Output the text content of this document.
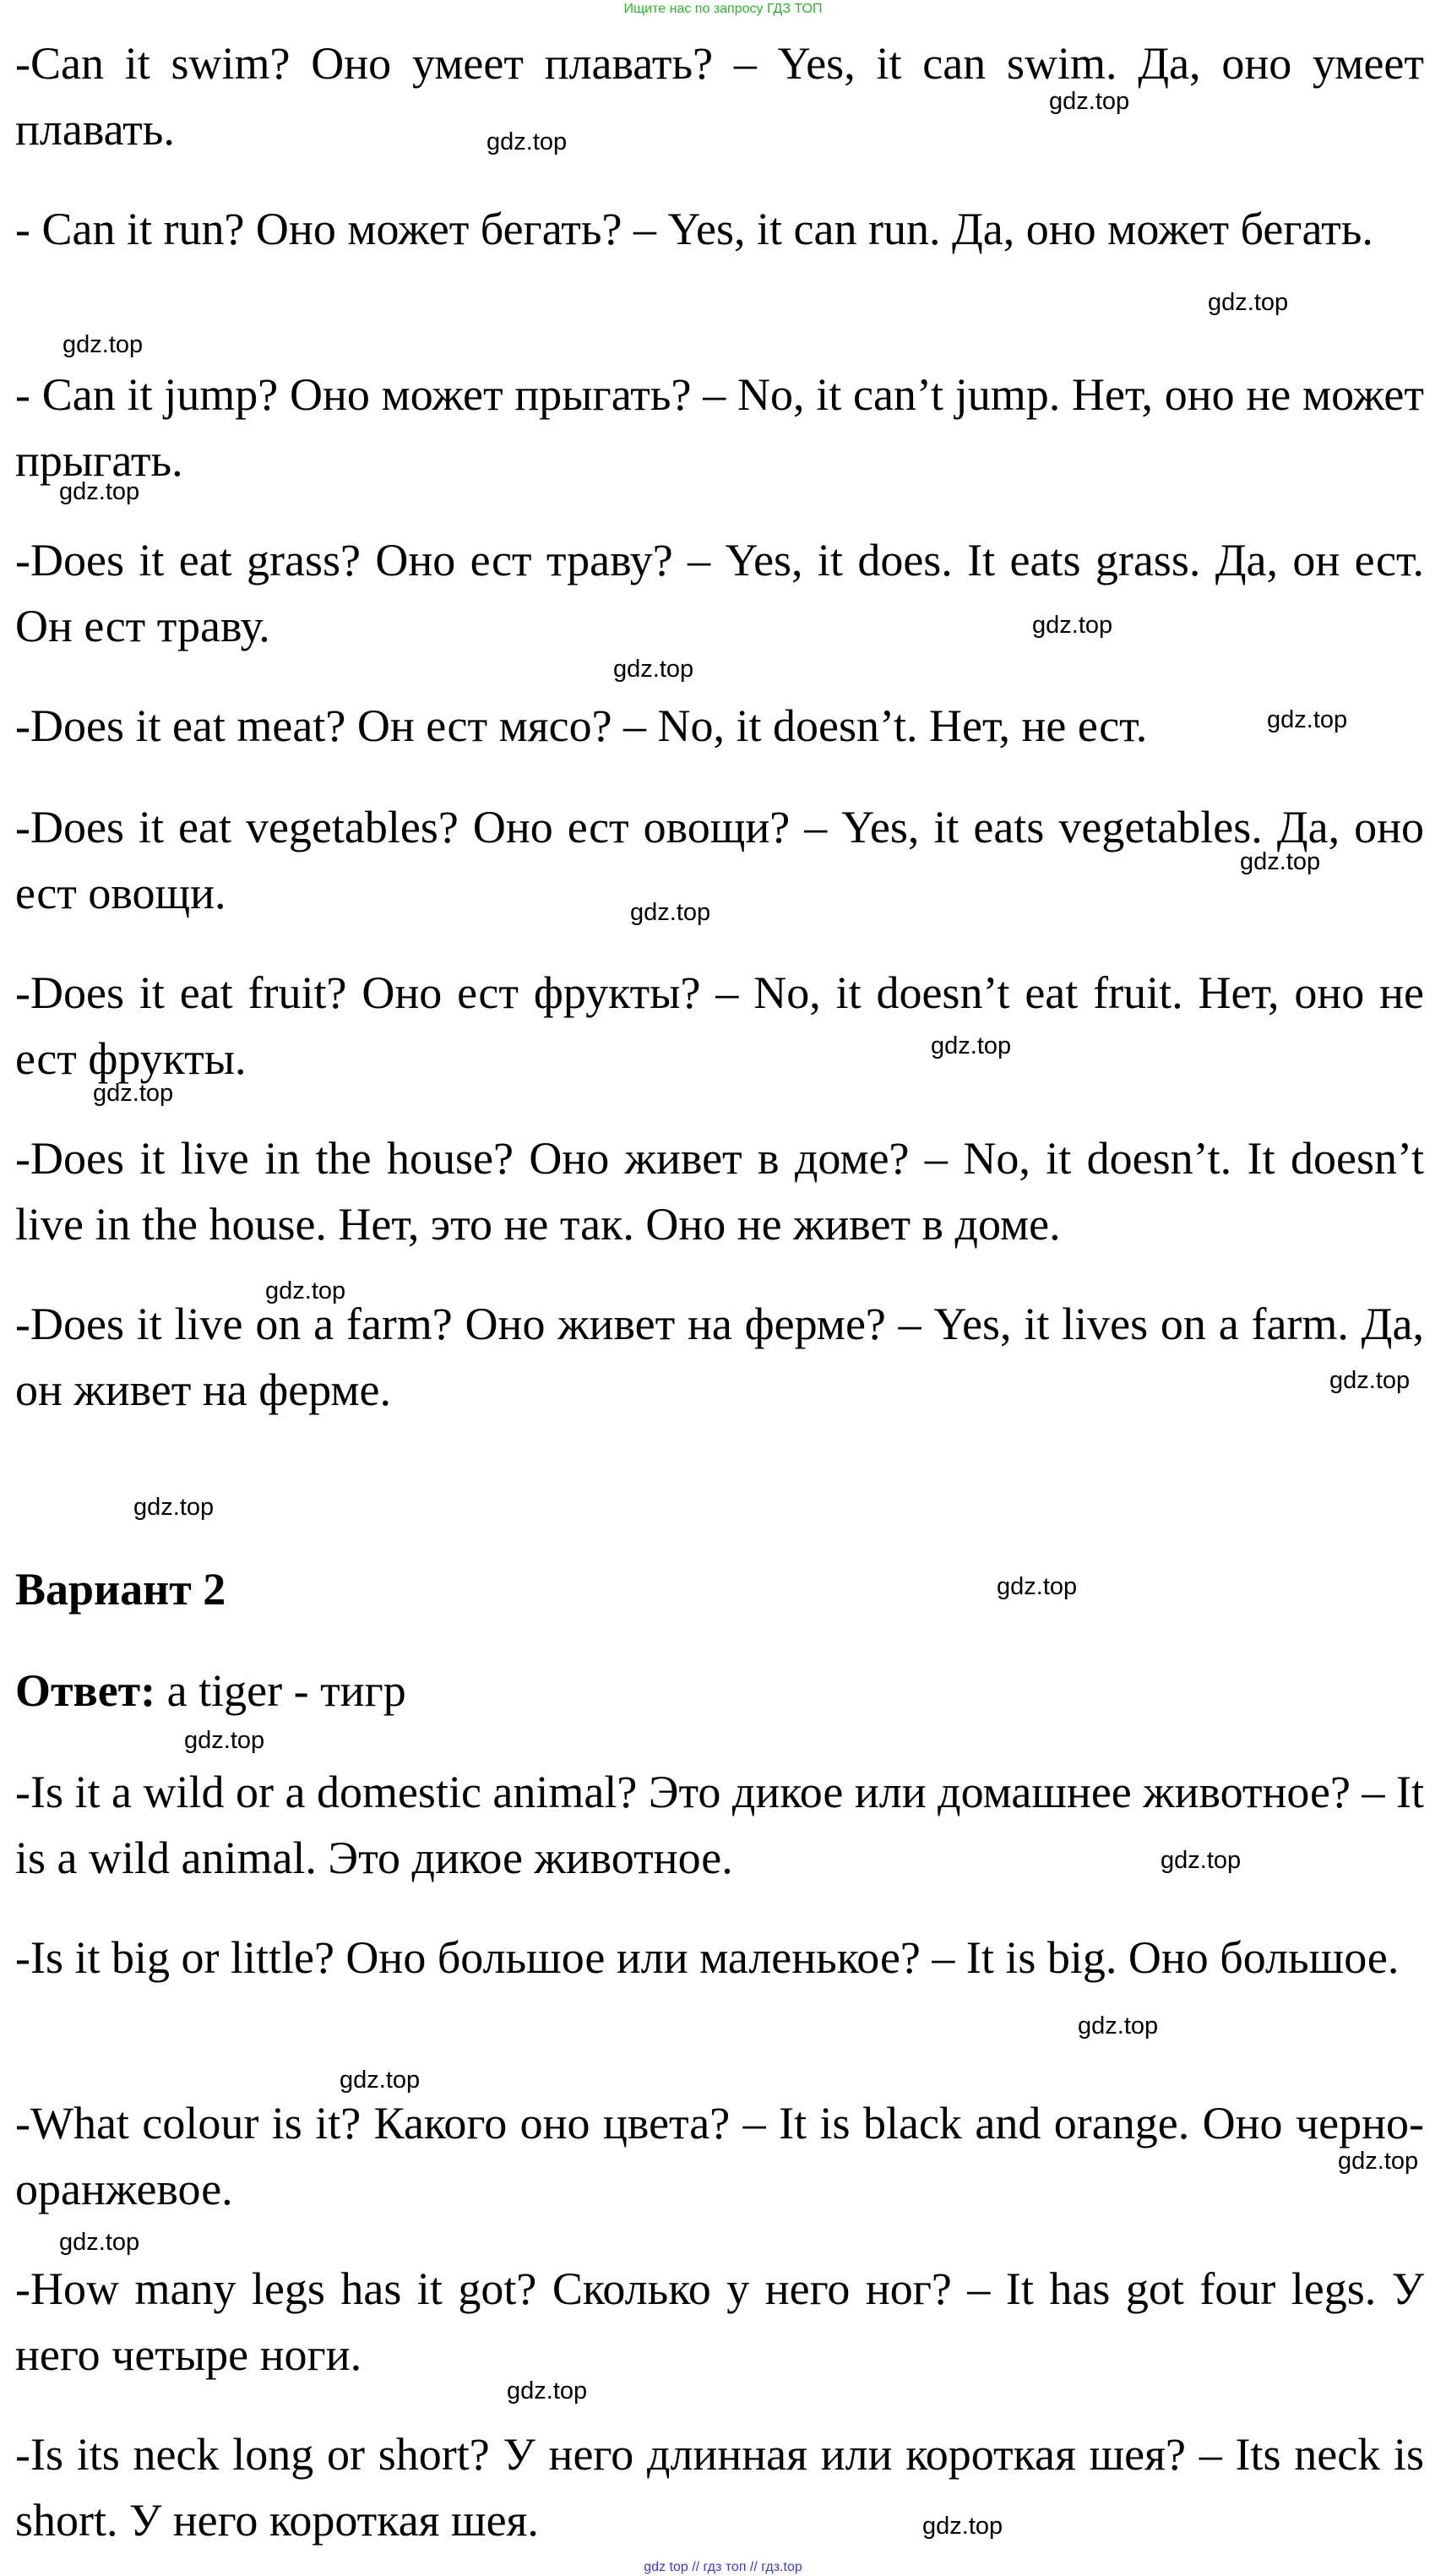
Ищите нас по запросу ГДЗ ТОП

-Can it swim? Оно умеет плавать? – Yes, it can swim. Да, оно умеет плавать.

- Can it run? Оно может бегать? – Yes, it can run. Да, оно может бегать.

- Can it jump? Оно может прыгать? – No, it can’t jump. Нет, оно не может прыгать.

-Does it eat grass? Оно ест траву? – Yes, it does. It eats grass. Да, он ест. Он ест траву.

-Does it eat meat? Он ест мясо? – No, it doesn’t. Нет, не ест.

-Does it eat vegetables? Оно ест овощи? – Yes, it eats vegetables. Да, оно ест овощи.

-Does it eat fruit? Оно ест фрукты? – No, it doesn’t eat fruit. Нет, оно не ест фрукты.

-Does it live in the house? Оно живет в доме? – No, it doesn’t. It doesn’t live in the house. Нет, это не так. Оно не живет в доме.

-Does it live on a farm? Оно живет на ферме? – Yes, it lives on a farm. Да, он живет на ферме.

Вариант 2

Ответ: a tiger - тигр

-Is it a wild or a domestic animal? Это дикое или домашнее животное? – It is a wild animal. Это дикое животное.

-Is it big or little? Оно большое или маленькое? – It is big. Оно большое.

-What colour is it? Какого оно цвета? – It is black and orange. Оно черно-оранжевое.

-How many legs has it got? Сколько у него ног? – It has got four legs. У него четыре ноги.

-Is its neck long or short? У него длинная или короткая шея? – Its neck is short. У него короткая шея.

gdz.top
gdz.top
gdz.top
gdz.top
gdz.top
gdz.top
gdz.top
gdz.top
gdz.top
gdz.top
gdz.top
gdz.top
gdz.top
gdz.top
gdz.top
gdz.top
gdz.top
gdz.top
gdz.top
gdz.top
gdz.top
gdz.top
gdz.top
gdz.top
gdz top // гдз топ // гдз.top
